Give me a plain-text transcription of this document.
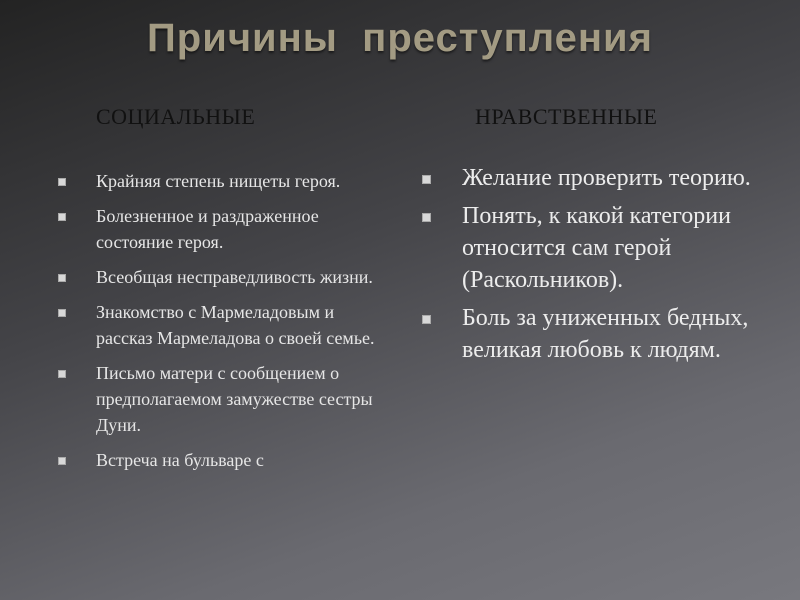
Причины  преступления
СОЦИАЛЬНЫЕ	НРАВСТВЕННЫЕ
Крайняя степень нищеты героя.
Болезненное и раздраженное состояние героя.
Всеобщая несправедливость жизни.
Знакомство с Мармеладовым и рассказ Мармеладова о своей семье.
Письмо матери с сообщением о предполагаемом замужестве сестры Дуни.
Встреча на бульваре с
Желание проверить теорию.
Понять, к какой категории относится сам герой (Раскольников).
Боль за униженных бедных, великая любовь к людям.
